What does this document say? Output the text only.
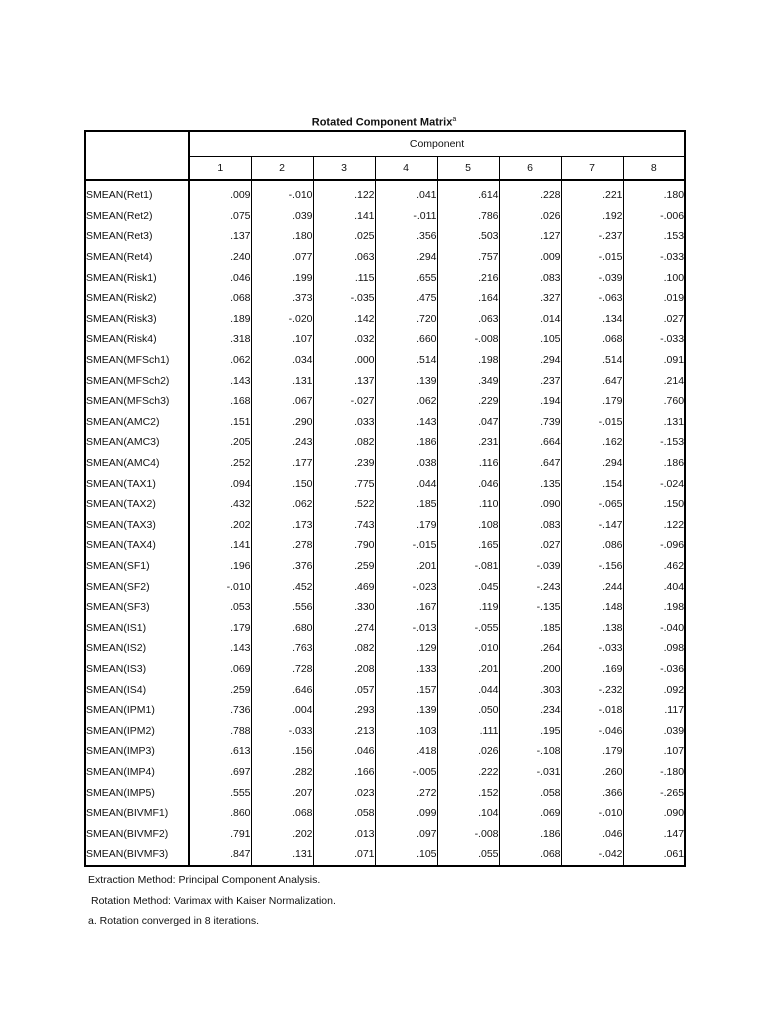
Rotated Component Matrix$^a$
	Component							
	1	2	3	4	5	6	7	8
SMEAN(Ret1)	.009	-.010	.122	.041	.614	.228	.221	.180
SMEAN(Ret2)	.075	.039	.141	-.011	.786	.026	.192	-.006
SMEAN(Ret3)	.137	.180	.025	.356	.503	.127	-.237	.153
SMEAN(Ret4)	.240	.077	.063	.294	.757	.009	-.015	-.033
SMEAN(Risk1)	.046	.199	.115	.655	.216	.083	-.039	.100
SMEAN(Risk2)	.068	.373	-.035	.475	.164	.327	-.063	.019
SMEAN(Risk3)	.189	-.020	.142	.720	.063	.014	.134	.027
SMEAN(Risk4)	.318	.107	.032	.660	-.008	.105	.068	-.033
SMEAN(MFSch1)	.062	.034	.000	.514	.198	.294	.514	.091
SMEAN(MFSch2)	.143	.131	.137	.139	.349	.237	.647	.214
SMEAN(MFSch3)	.168	.067	-.027	.062	.229	.194	.179	.760
SMEAN(AMC2)	.151	.290	.033	.143	.047	.739	-.015	.131
SMEAN(AMC3)	.205	.243	.082	.186	.231	.664	.162	-.153
SMEAN(AMC4)	.252	.177	.239	.038	.116	.647	.294	.186
SMEAN(TAX1)	.094	.150	.775	.044	.046	.135	.154	-.024
SMEAN(TAX2)	.432	.062	.522	.185	.110	.090	-.065	.150
SMEAN(TAX3)	.202	.173	.743	.179	.108	.083	-.147	.122
SMEAN(TAX4)	.141	.278	.790	-.015	.165	.027	.086	-.096
SMEAN(SF1)	.196	.376	.259	.201	-.081	-.039	-.156	.462
SMEAN(SF2)	-.010	.452	.469	-.023	.045	-.243	.244	.404
SMEAN(SF3)	.053	.556	.330	.167	.119	-.135	.148	.198
SMEAN(IS1)	.179	.680	.274	-.013	-.055	.185	.138	-.040
SMEAN(IS2)	.143	.763	.082	.129	.010	.264	-.033	.098
SMEAN(IS3)	.069	.728	.208	.133	.201	.200	.169	-.036
SMEAN(IS4)	.259	.646	.057	.157	.044	.303	-.232	.092
SMEAN(IPM1)	.736	.004	.293	.139	.050	.234	-.018	.117
SMEAN(IPM2)	.788	-.033	.213	.103	.111	.195	-.046	.039
SMEAN(IMP3)	.613	.156	.046	.418	.026	-.108	.179	.107
SMEAN(IMP4)	.697	.282	.166	-.005	.222	-.031	.260	-.180
SMEAN(IMP5)	.555	.207	.023	.272	.152	.058	.366	-.265
SMEAN(BIVMF1)	.860	.068	.058	.099	.104	.069	-.010	.090
SMEAN(BIVMF2)	.791	.202	.013	.097	-.008	.186	.046	.147
SMEAN(BIVMF3)	.847	.131	.071	.105	.055	.068	-.042	.061
Extraction Method: Principal Component Analysis.
Rotation Method: Varimax with Kaiser Normalization.
a. Rotation converged in 8 iterations.
